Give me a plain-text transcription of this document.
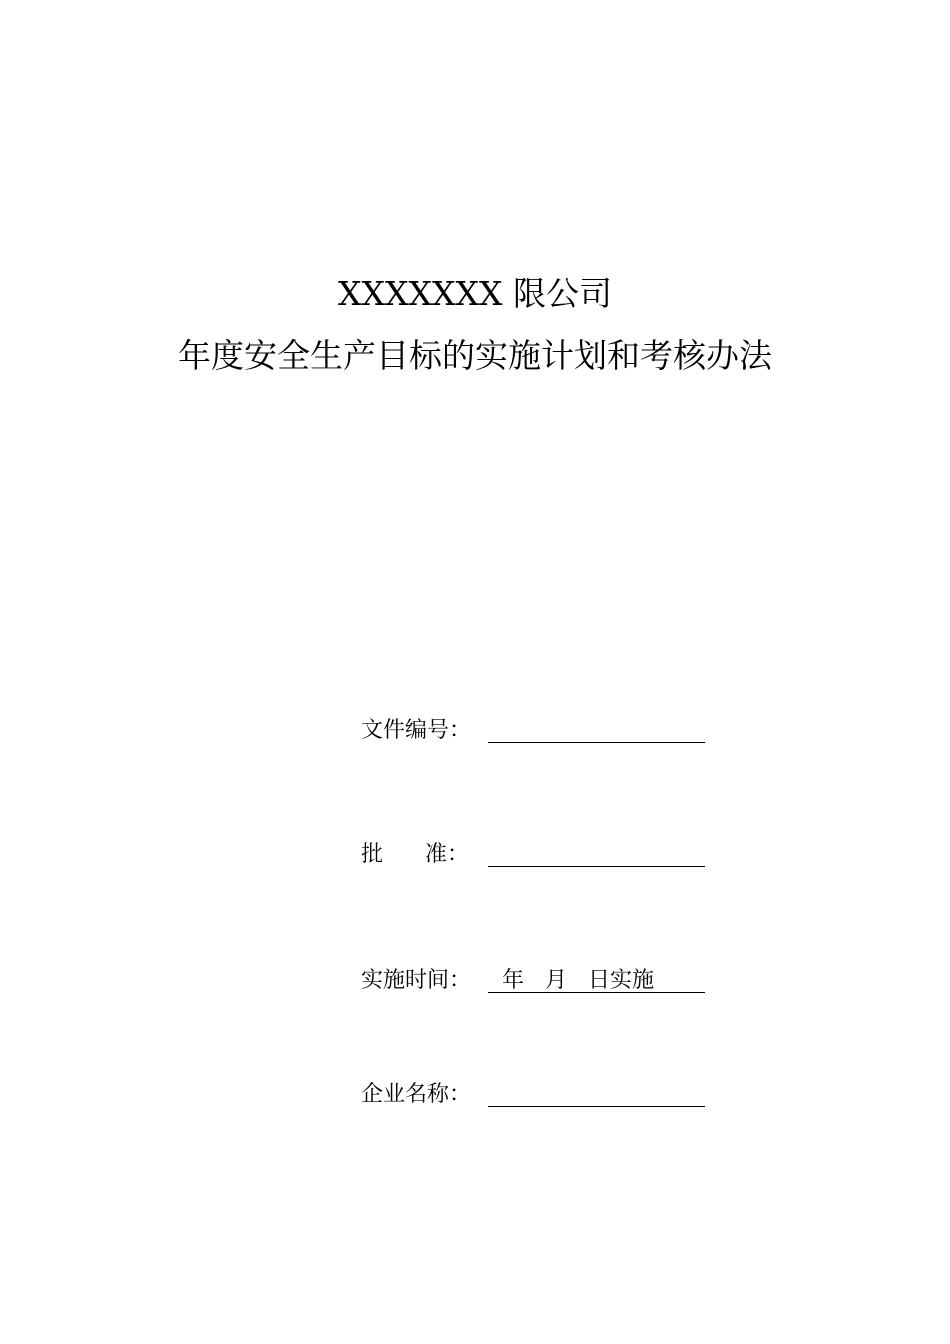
XXXXXXX 限公司
年度安全生产目标的实施计划和考核办法
文件编号：
批      准：
实施时间： 年   月   日实施
企业名称：
